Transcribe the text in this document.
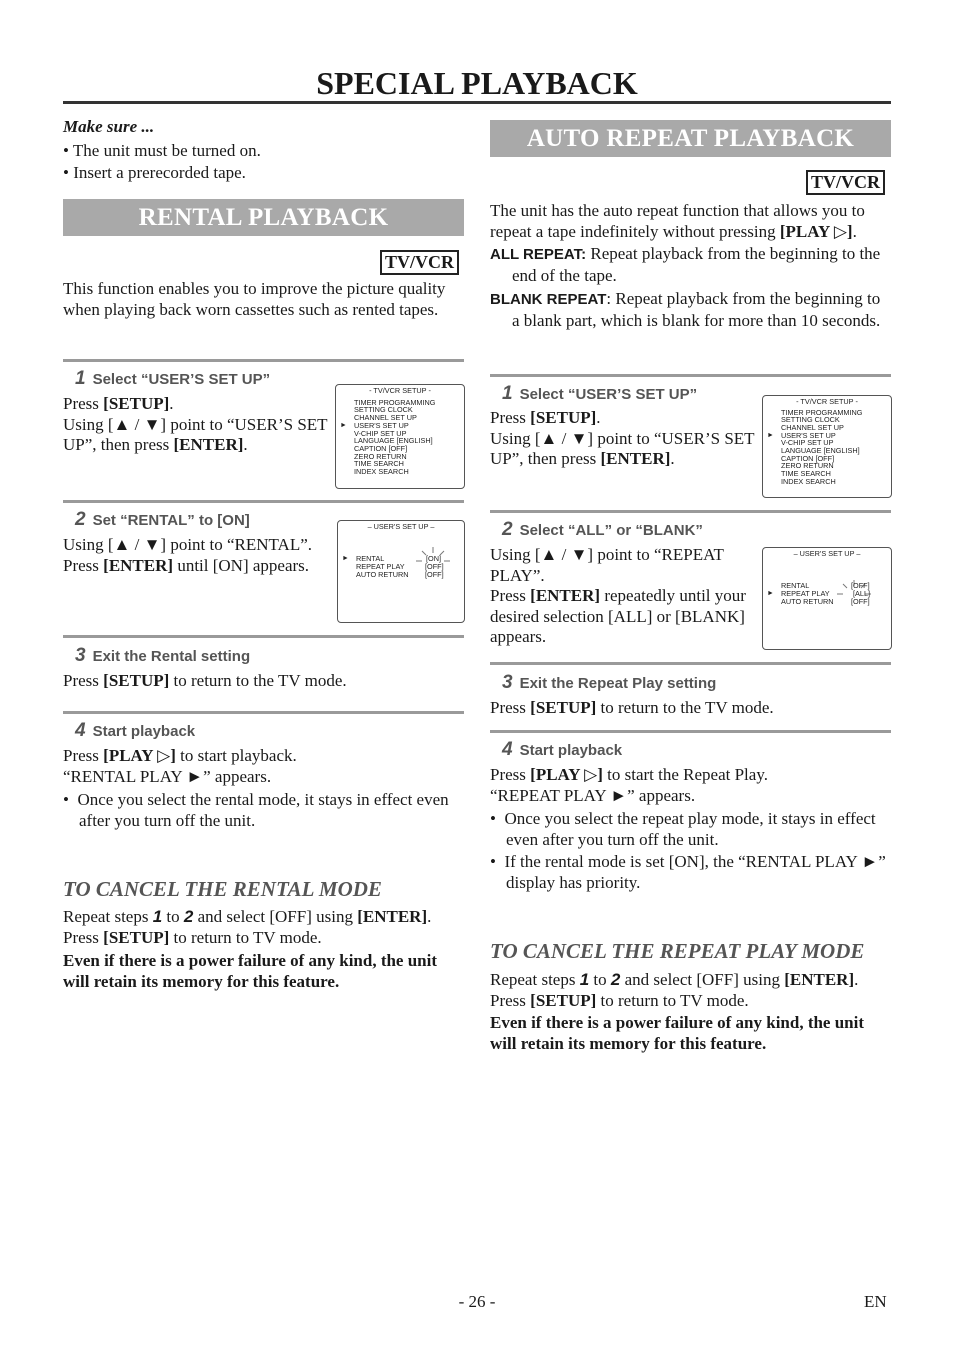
SPECIAL PLAYBACK
Make sure ...
• The unit must be turned on.
• Insert a prerecorded tape.
RENTAL PLAYBACK
TV/VCR
This function enables you to improve the picture quality when playing back worn cassettes such as rented tapes.
1 Select “USER’S SET UP”
Press [SETUP].
Using [▲ / ▼] point to “USER’S SET UP”, then press [ENTER].
- TV/VCR SETUP -
TIMER PROGRAMMING
SETTING CLOCK
CHANNEL SET UP
► USER'S SET UP
V-CHIP SET UP
LANGUAGE [ENGLISH]
CAPTION [OFF]
ZERO RETURN
TIME SEARCH
INDEX SEARCH
2 Set “RENTAL” to [ON]
Using [▲ / ▼] point to “RENTAL”. Press [ENTER] until [ON] appears.
– USER'S SET UP –
► RENTAL
REPEAT PLAY
AUTO RETURN
[ON]
[OFF]
[OFF]
3 Exit the Rental setting
Press [SETUP] to return to the TV mode.
4 Start playback
Press [PLAY ▷] to start playback.
“RENTAL PLAY ►” appears.
•  Once you select the rental mode, it stays in effect even after you turn off the unit.
TO CANCEL THE RENTAL MODE
Repeat steps 1 to 2 and select [OFF] using [ENTER]. Press [SETUP] to return to TV mode.
Even if there is a power failure of any kind, the unit will retain its memory for this feature.
AUTO REPEAT PLAYBACK
TV/VCR
The unit has the auto repeat function that allows you to repeat a tape indefinitely without pressing [PLAY ▷].
ALL REPEAT: Repeat playback from the beginning to the end of the tape.
BLANK REPEAT: Repeat playback from the beginning to a blank part, which is blank for more than 10 seconds.
1 Select “USER’S SET UP”
Press [SETUP].
Using [▲ / ▼] point to “USER’S SET UP”, then press [ENTER].
- TV/VCR SETUP -
TIMER PROGRAMMING
SETTING CLOCK
CHANNEL SET UP
► USER'S SET UP
V-CHIP SET UP
LANGUAGE [ENGLISH]
CAPTION [OFF]
ZERO RETURN
TIME SEARCH
INDEX SEARCH
2 Select “ALL” or “BLANK”
Using [▲ / ▼] point to “REPEAT PLAY”.
Press [ENTER] repeatedly until your desired selection [ALL] or [BLANK] appears.
– USER'S SET UP –
RENTAL
► REPEAT PLAY
AUTO RETURN
[OFF]
[ALL]
[OFF]
3 Exit the Repeat Play setting
Press [SETUP] to return to the TV mode.
4 Start playback
Press [PLAY ▷] to start the Repeat Play.
“REPEAT PLAY ►” appears.
•  Once you select the repeat play mode, it stays in effect even after you turn off the unit.
•  If the rental mode is set [ON], the “RENTAL PLAY ►” display has priority.
TO CANCEL THE REPEAT PLAY MODE
Repeat steps 1 to 2 and select [OFF] using [ENTER]. Press [SETUP] to return to TV mode.
Even if there is a power failure of any kind, the unit will retain its memory for this feature.
- 26 -	EN
